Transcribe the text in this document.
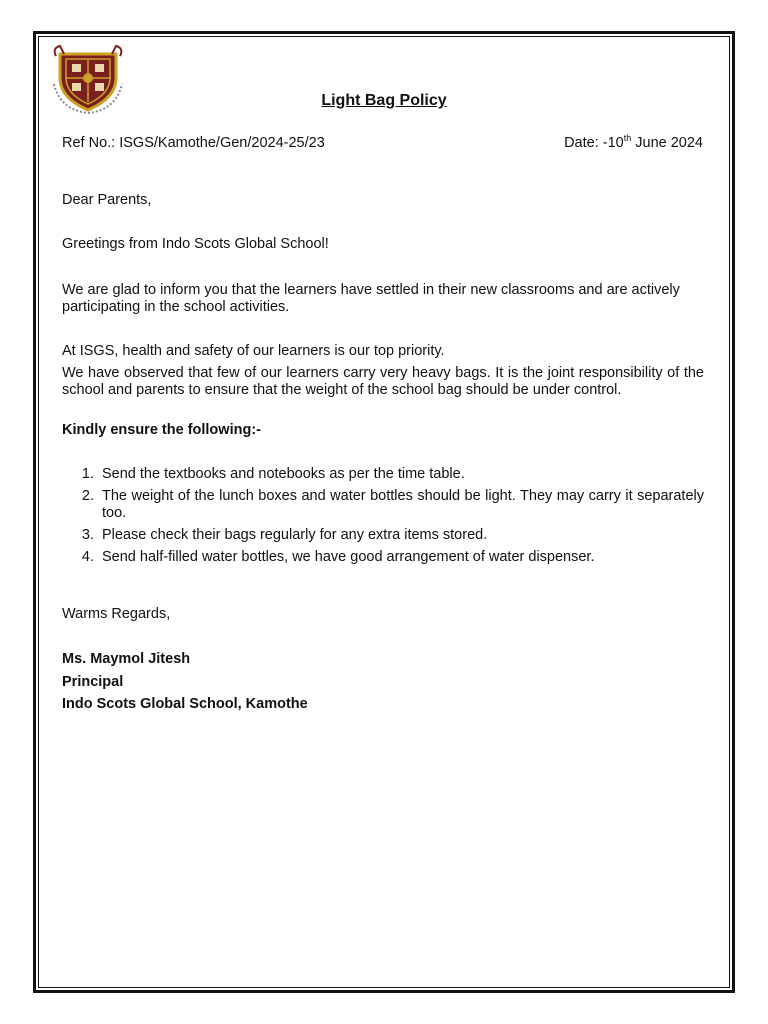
Light Bag Policy
Ref No.: ISGS/Kamothe/Gen/2024-25/23	Date: -10th June 2024

Dear Parents,

Greetings from Indo Scots Global School!

We are glad to inform you that the learners have settled in their new classrooms and are actively participating in the school activities.

At ISGS, health and safety of our learners is our top priority.

We have observed that few of our learners carry very heavy bags. It is the joint responsibility of the school and parents to ensure that the weight of the school bag should be under control.

Kindly ensure the following:-

1. Send the textbooks and notebooks as per the time table.
2. The weight of the lunch boxes and water bottles should be light. They may carry it separately too.
3. Please check their bags regularly for any extra items stored.
4. Send half-filled water bottles, we have good arrangement of water dispenser.

Warms Regards,

Ms. Maymol Jitesh

Principal

Indo Scots Global School, Kamothe
